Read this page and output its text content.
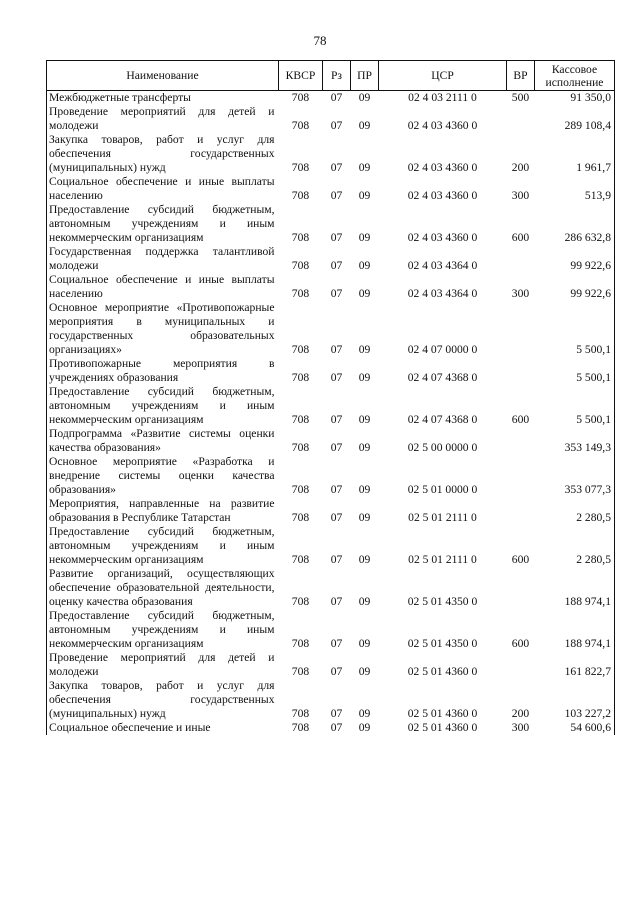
78
Наименование	КВСР	Рз	ПР	ЦСР	ВР	Кассовое исполнение
Межбюджетные трансферты	708	07	09	02 4 03 2111 0	500	91 350,0
Проведение мероприятий для детей и молодежи	708	07	09	02 4 03 4360 0		289 108,4
Закупка товаров, работ и услуг для обеспечения государственных (муниципальных) нужд	708	07	09	02 4 03 4360 0	200	1 961,7
Социальное обеспечение и иные выплаты населению	708	07	09	02 4 03 4360 0	300	513,9
Предоставление субсидий бюджетным, автономным учреждениям и иным некоммерческим организациям	708	07	09	02 4 03 4360 0	600	286 632,8
Государственная поддержка талантливой молодежи	708	07	09	02 4 03 4364 0		99 922,6
Социальное обеспечение и иные выплаты населению	708	07	09	02 4 03 4364 0	300	99 922,6
Основное мероприятие «Противопожарные мероприятия в муниципальных и государственных образовательных организациях»	708	07	09	02 4 07 0000 0		5 500,1
Противопожарные мероприятия в учреждениях образования	708	07	09	02 4 07 4368 0		5 500,1
Предоставление субсидий бюджетным, автономным учреждениям и иным некоммерческим организациям	708	07	09	02 4 07 4368 0	600	5 500,1
Подпрограмма «Развитие системы оценки качества образования»	708	07	09	02 5 00 0000 0		353 149,3
Основное мероприятие «Разработка и внедрение системы оценки качества образования»	708	07	09	02 5 01 0000 0		353 077,3
Мероприятия, направленные на развитие образования в Республике Татарстан	708	07	09	02 5 01 2111 0		2 280,5
Предоставление субсидий бюджетным, автономным учреждениям и иным некоммерческим организациям	708	07	09	02 5 01 2111 0	600	2 280,5
Развитие организаций, осуществляющих обеспечение образовательной деятельности, оценку качества образования	708	07	09	02 5 01 4350 0		188 974,1
Предоставление субсидий бюджетным, автономным учреждениям и иным некоммерческим организациям	708	07	09	02 5 01 4350 0	600	188 974,1
Проведение мероприятий для детей и молодежи	708	07	09	02 5 01 4360 0		161 822,7
Закупка товаров, работ и услуг для обеспечения государственных (муниципальных) нужд	708	07	09	02 5 01 4360 0	200	103 227,2
Социальное обеспечение и иные	708	07	09	02 5 01 4360 0	300	54 600,6
